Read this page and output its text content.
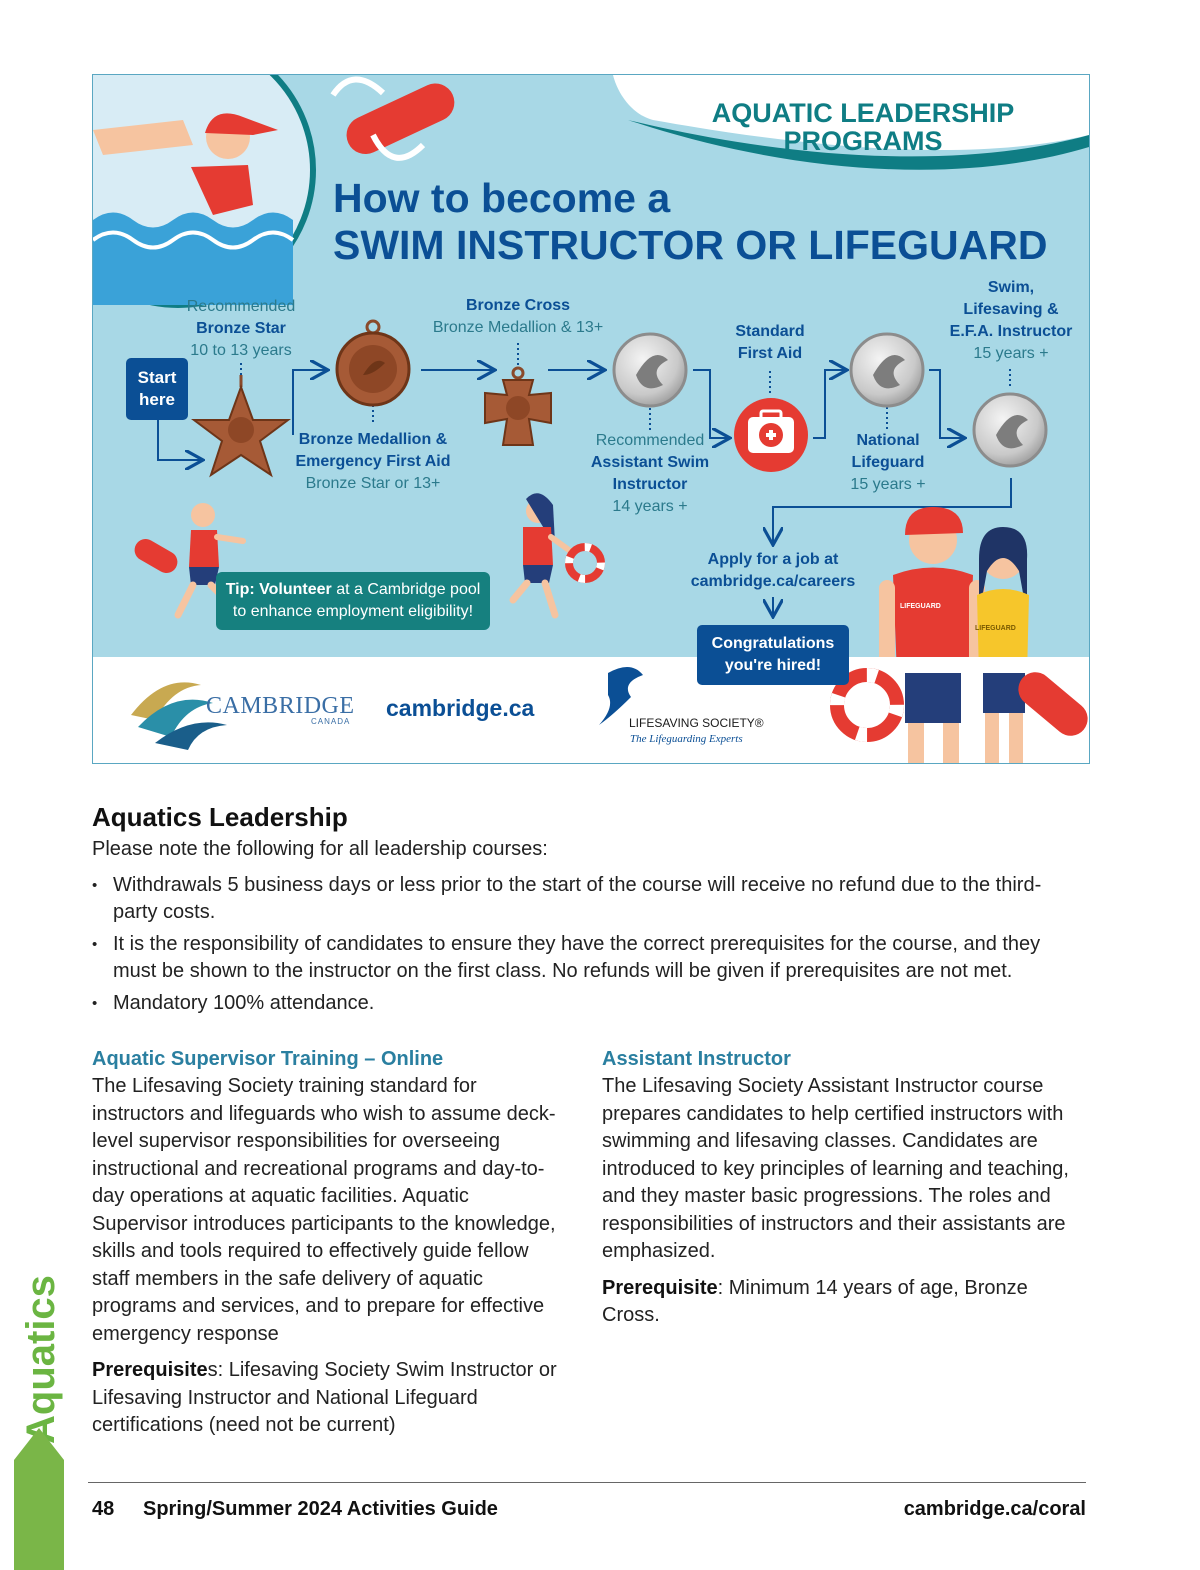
AQUATIC LEADERSHIP PROGRAMS
How to become a
SWIM INSTRUCTOR OR LIFEGUARD
Start here
Recommended
Bronze Star
10 to 13 years
Bronze Medallion &
Emergency First Aid
Bronze Star or 13+
Bronze Cross
Bronze Medallion & 13+
Recommended
Assistant Swim
Instructor
14 years +
Standard
First Aid
National
Lifeguard
15 years +
Swim,
Lifesaving &
E.F.A. Instructor
15 years +
Apply for a job at
cambridge.ca/careers
Congratulations
you're hired!
Tip: Volunteer at a Cambridge pool
to enhance employment eligibility!	LIFEGUARD
LIFEGUARD
CAMBRIDGE
CANADA
cambridge.ca
LIFESAVING SOCIETY®
The Lifeguarding Experts
Aquatics Leadership
Please note the following for all leadership courses:
• Withdrawals 5 business days or less prior to the start of the course will receive no refund due to the third-party costs.
• It is the responsibility of candidates to ensure they have the correct prerequisites for the course, and they must be shown to the instructor on the first class. No refunds will be given if prerequisites are not met.
• Mandatory 100% attendance.
Aquatic Supervisor Training – Online

The Lifesaving Society training standard for instructors and lifeguards who wish to assume deck-level supervisor responsibilities for overseeing instructional and recreational programs and day-to-day operations at aquatic facilities. Aquatic Supervisor introduces participants to the knowledge, skills and tools required to effectively guide fellow staff members in the safe delivery of aquatic programs and services, and to prepare for effective emergency response

Prerequisites: Lifesaving Society Swim Instructor or Lifesaving Instructor and National Lifeguard certifications (need not be current)

Assistant Instructor

The Lifesaving Society Assistant Instructor course prepares candidates to help certified instructors with swimming and lifesaving classes. Candidates are introduced to key principles of learning and teaching, and they master basic progressions. The roles and responsibilities of instructors and their assistants are emphasized.

Prerequisite: Minimum 14 years of age, Bronze Cross.

Aquatics
48 Spring/Summer 2024 Activities Guide	cambridge.ca/coral
